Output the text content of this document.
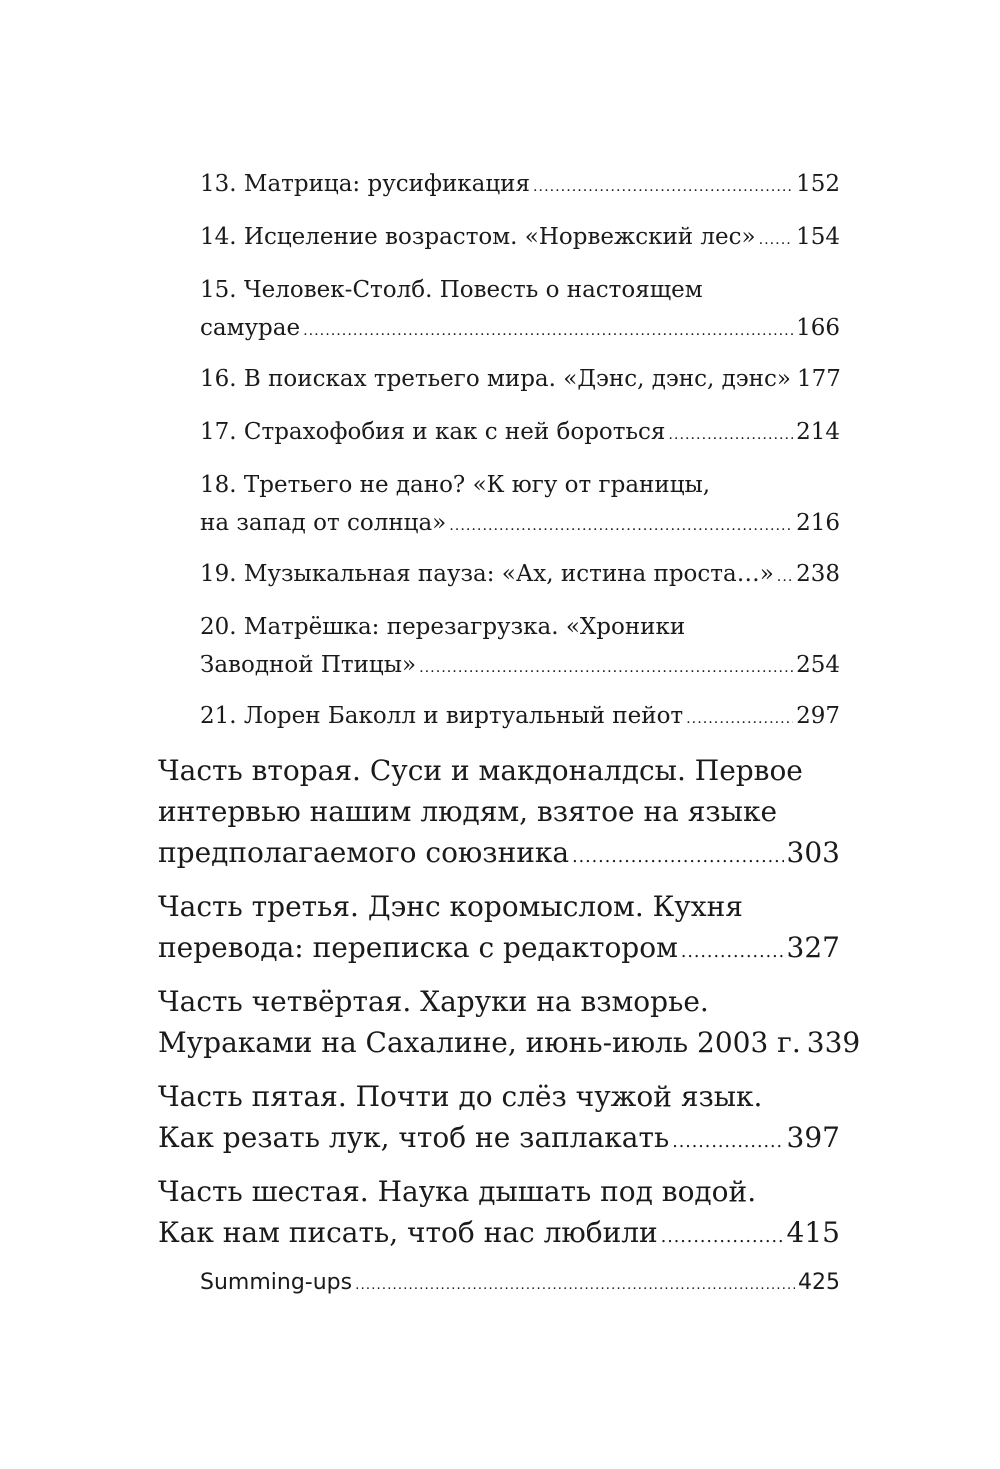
13. Матрица: русификация .....	152
14. Исцеление возрастом. «Норвежский лес» ..... 154
15. Человек-Столб. Повесть о настоящем
самурае .....	166
16. В поисках третьего мира. «Дэнс, дэнс, дэнс» 177
17. Страхофобия и как с ней бороться .....	214
18. Третьего не дано? «К югу от границы,
на запад от солнца» .....	216
19. Музыкальная пауза: «Ах, истина проста…» ..... 238
20. Матрёшка: перезагрузка. «Хроники
Заводной Птицы» .....	254
21. Лорен Баколл и виртуальный пейот .....	297
Часть вторая. Суси и макдоналдсы. Первое
интервью нашим людям, взятое на языке
предполагаемого союзника .....	303
Часть третья. Дэнс коромыслом. Кухня
перевода: переписка с редактором .....	327
Часть четвёртая. Харуки на взморье.
Мураками на Сахалине, июнь-июль 2003 г. 339
Часть пятая. Почти до слёз чужой язык.
Как резать лук, чтоб не заплакать .....	397
Часть шестая. Наука дышать под водой.
Как нам писать, чтоб нас любили .....	415
Summing-ups .....	425
